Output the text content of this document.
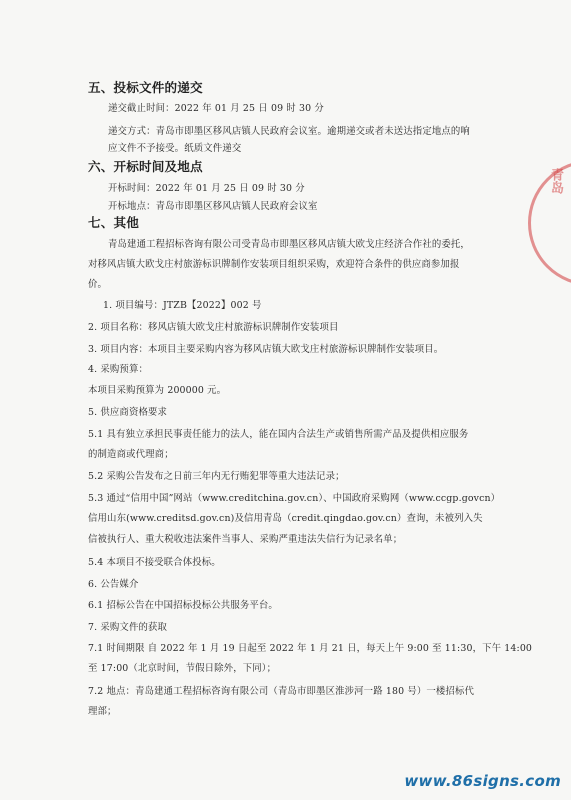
五、投标文件的递交
递交截止时间：2022 年 01 月 25 日 09 时 30 分
递交方式：青岛市即墨区移风店镇人民政府会议室。逾期递交或者未送达指定地点的响
应文件不予接受。纸质文件递交
六、开标时间及地点
开标时间：2022 年 01 月 25 日 09 时 30 分
开标地点：青岛市即墨区移风店镇人民政府会议室
七、其他
青岛建通工程招标咨询有限公司受青岛市即墨区移风店镇大欧戈庄经济合作社的委托，
对移风店镇大欧戈庄村旅游标识牌制作安装项目组织采购，欢迎符合条件的供应商参加报
价。
1. 项目编号：JTZB【2022】002 号
2. 项目名称：移风店镇大欧戈庄村旅游标识牌制作安装项目
3. 项目内容：本项目主要采购内容为移风店镇大欧戈庄村旅游标识牌制作安装项目。
4. 采购预算：
本项目采购预算为 200000 元。
5. 供应商资格要求
5.1 具有独立承担民事责任能力的法人，能在国内合法生产或销售所需产品及提供相应服务
的制造商或代理商；
5.2 采购公告发布之日前三年内无行贿犯罪等重大违法记录；
5.3 通过“信用中国”网站（www.creditchina.gov.cn）、中国政府采购网（www.ccgp.govcn）
信用山东(www.creditsd.gov.cn)及信用青岛（credit.qingdao.gov.cn）查询，未被列入失
信被执行人、重大税收违法案件当事人、采购严重违法失信行为记录名单；
5.4 本项目不接受联合体投标。
6. 公告媒介
6.1 招标公告在中国招标投标公共服务平台。
7. 采购文件的获取
7.1 时间期限 自 2022 年 1 月 19 日起至 2022 年 1 月 21 日，每天上午 9:00 至 11:30，下午 14:00
至 17:00（北京时间，节假日除外，下同）；
7.2 地点：青岛建通工程招标咨询有限公司（青岛市即墨区淮涉河一路 180 号）一楼招标代
理部；
青岛
www.86signs.com
